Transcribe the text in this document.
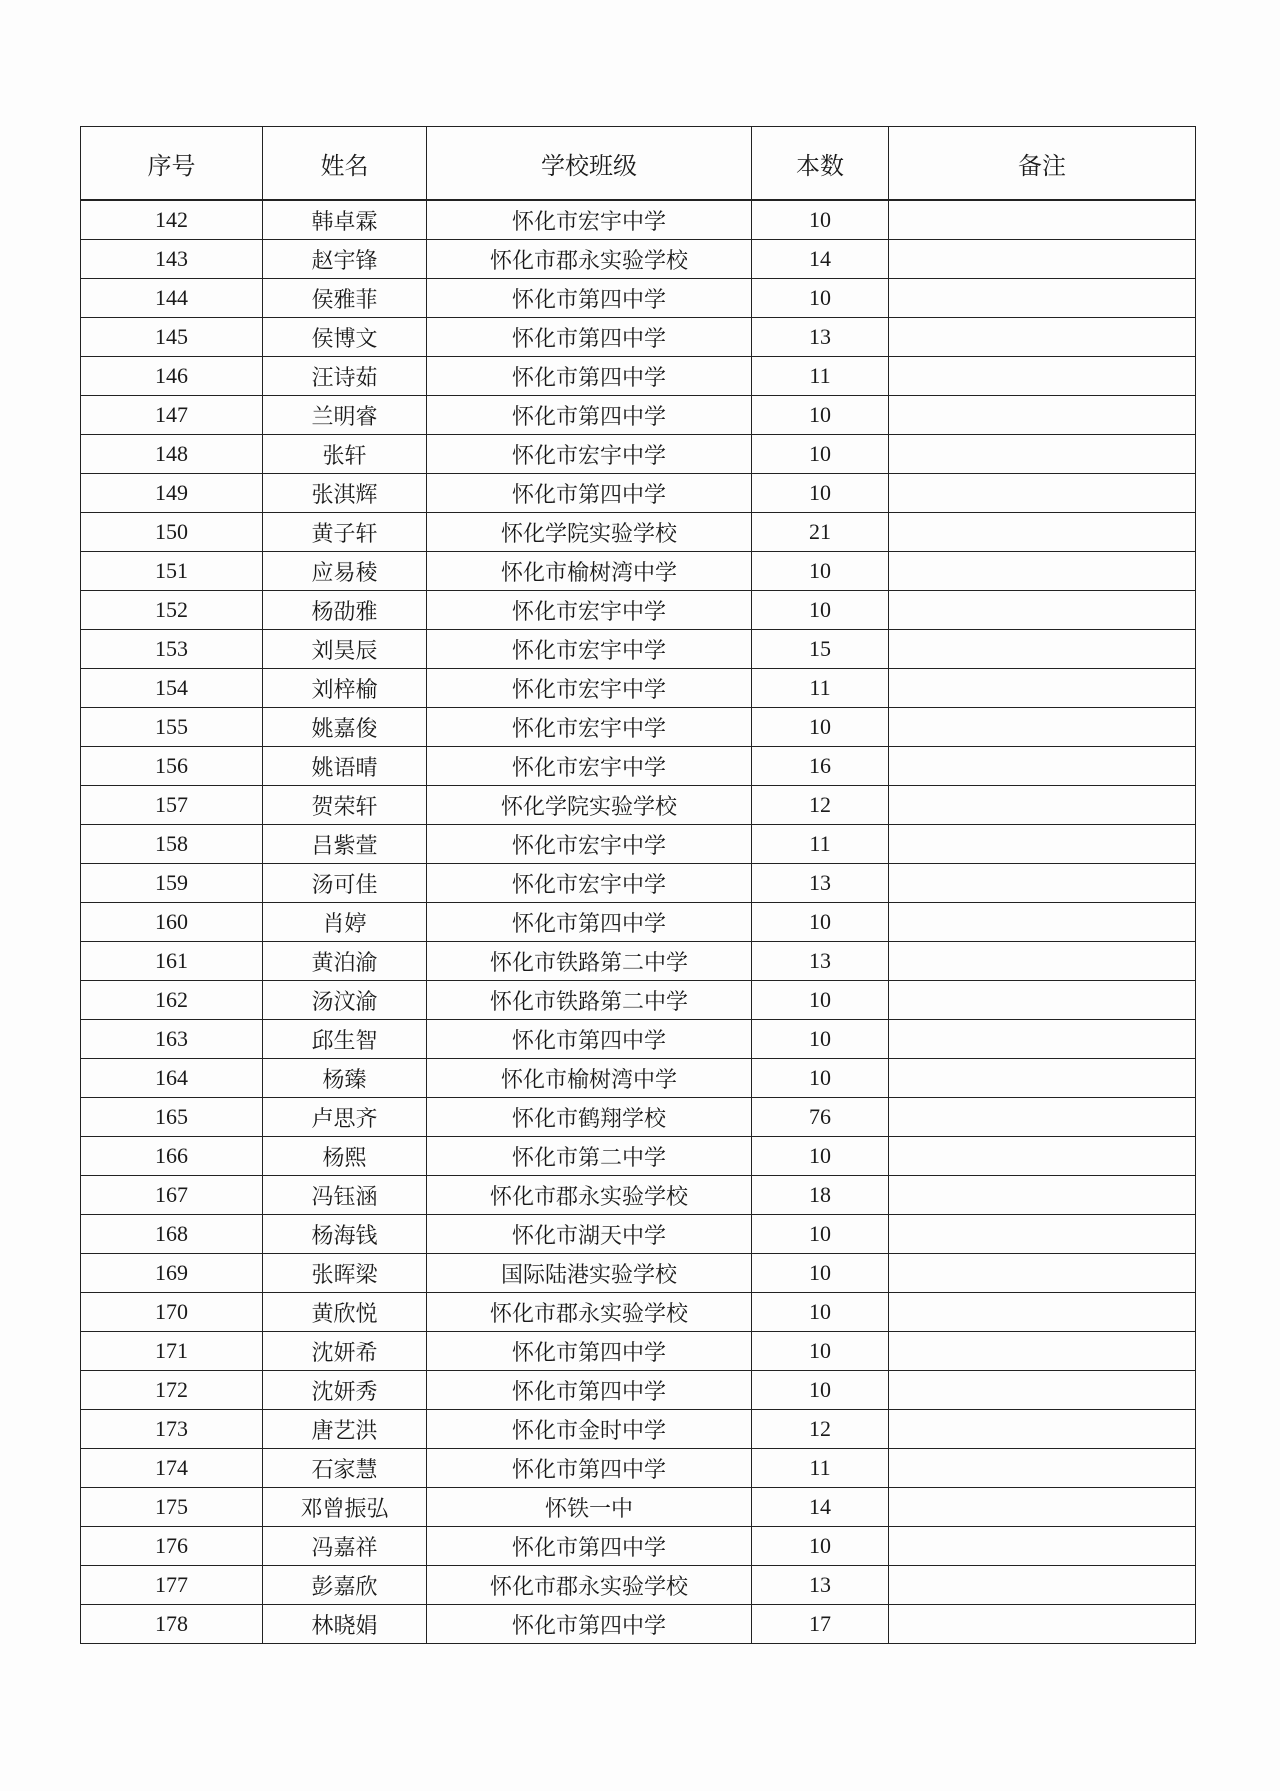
序号	姓名	学校班级	本数	备注
142	韩卓霖	怀化市宏宇中学	10	
143	赵宇锋	怀化市郡永实验学校	14	
144	侯雅菲	怀化市第四中学	10	
145	侯博文	怀化市第四中学	13	
146	汪诗茹	怀化市第四中学	11	
147	兰明睿	怀化市第四中学	10	
148	张轩	怀化市宏宇中学	10	
149	张淇辉	怀化市第四中学	10	
150	黄子轩	怀化学院实验学校	21	
151	应易稜	怀化市榆树湾中学	10	
152	杨劭雅	怀化市宏宇中学	10	
153	刘昊辰	怀化市宏宇中学	15	
154	刘梓榆	怀化市宏宇中学	11	
155	姚嘉俊	怀化市宏宇中学	10	
156	姚语晴	怀化市宏宇中学	16	
157	贺荣轩	怀化学院实验学校	12	
158	吕紫萱	怀化市宏宇中学	11	
159	汤可佳	怀化市宏宇中学	13	
160	肖婷	怀化市第四中学	10	
161	黄泊渝	怀化市铁路第二中学	13	
162	汤汶渝	怀化市铁路第二中学	10	
163	邱生智	怀化市第四中学	10	
164	杨臻	怀化市榆树湾中学	10	
165	卢思齐	怀化市鹤翔学校	76	
166	杨熙	怀化市第二中学	10	
167	冯钰涵	怀化市郡永实验学校	18	
168	杨海钱	怀化市湖天中学	10	
169	张晖梁	国际陆港实验学校	10	
170	黄欣悦	怀化市郡永实验学校	10	
171	沈妍希	怀化市第四中学	10	
172	沈妍秀	怀化市第四中学	10	
173	唐艺洪	怀化市金时中学	12	
174	石家慧	怀化市第四中学	11	
175	邓曾振弘	怀铁一中	14	
176	冯嘉祥	怀化市第四中学	10	
177	彭嘉欣	怀化市郡永实验学校	13	
178	林晓娟	怀化市第四中学	17	
